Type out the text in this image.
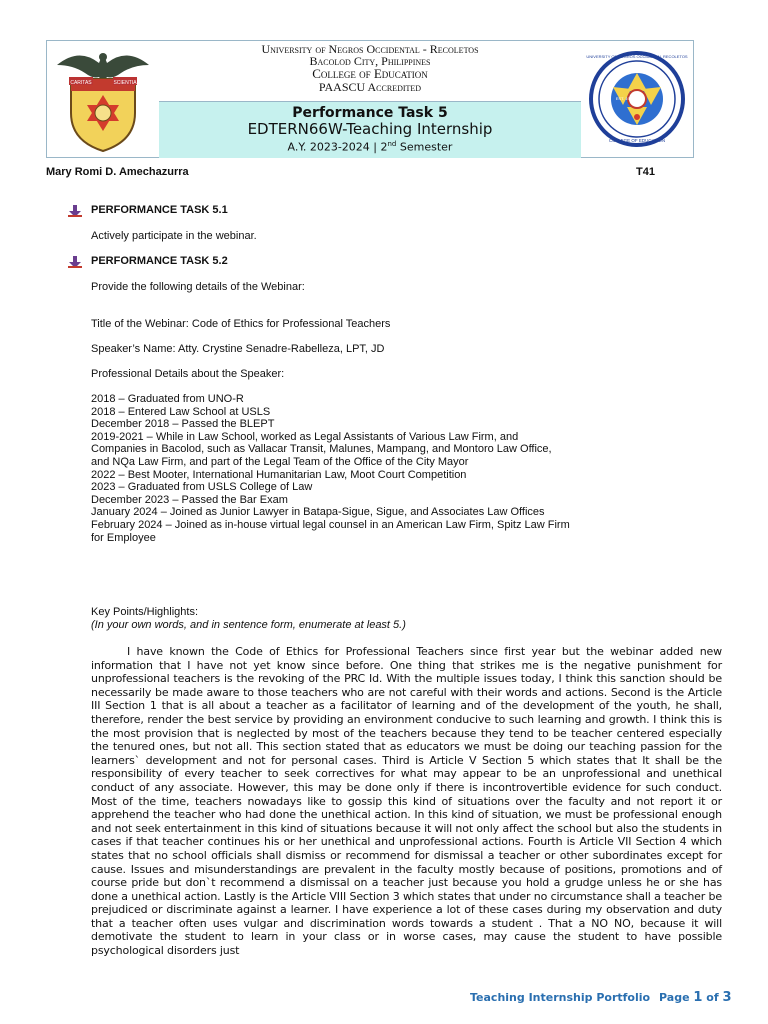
CARITAS	SCIENTIA
University of Negros Occidental - Recoletos
Bacolod City, Philippines
College of Education
PAASCU Accredited
Performance Task 5
EDTERN66W-Teaching Internship
A.Y. 2023-2024 | 2nd Semester
UNIVERSITY OF NEGROS OCCIDENTAL RECOLETOS
COLLEGE OF EDUCATION
EST. 1946
Mary Romi D. Amechazurra	T41
PERFORMANCE TASK 5.1
Actively participate in the webinar.
PERFORMANCE TASK 5.2
Provide the following details of the Webinar:
Title of the Webinar: Code of Ethics for Professional Teachers
Speaker’s Name: Atty. Crystine Senadre-Rabelleza, LPT, JD
Professional Details about the Speaker:
2018 – Graduated from UNO-R
2018 – Entered Law School at USLS
December 2018 – Passed the BLEPT
2019-2021 – While in Law School, worked as Legal Assistants of Various Law Firm, and
Companies in Bacolod, such as Vallacar Transit, Malunes, Mampang, and Montoro Law Office,
and NQa Law Firm, and part of the Legal Team of the Office of the City Mayor
2022 – Best Mooter, International Humanitarian Law, Moot Court Competition
2023 – Graduated from USLS College of Law
December 2023 – Passed the Bar Exam
January 2024 – Joined as Junior Lawyer in Batapa-Sigue, Sigue, and Associates Law Offices
February 2024 – Joined as in-house virtual legal counsel in an American Law Firm, Spitz Law Firm
for Employee
Key Points/Highlights:
(In your own words, and in sentence form, enumerate at least 5.)

I have known the Code of Ethics for Professional Teachers since first year but the webinar added new information that I have not yet know since before. One thing that strikes me is the negative punishment for unprofessional teachers is the revoking of the PRC Id. With the multiple issues today, I think this sanction should be necessarily be made aware to those teachers who are not careful with their words and actions. Second is the Article III Section 1 that is all about a teacher as a facilitator of learning and of the development of the youth, he shall, therefore, render the best service by providing an environment conducive to such learning and growth. I think this is the most provision that is neglected by most of the teachers because they tend to be teacher centered especially the tenured ones, but not all. This section stated that as educators we must be doing our teaching passion for the learners` development and not for personal cases. Third is Article V Section 5 which states that It shall be the responsibility of every teacher to seek correctives for what may appear to be an unprofessional and unethical conduct of any associate. However, this may be done only if there is incontrovertible evidence for such conduct. Most of the time, teachers nowadays like to gossip this kind of situations over the faculty and not report it or apprehend the teacher who had done the unethical action. In this kind of situation, we must be professional enough and not seek entertainment in this kind of situations because it will not only affect the school but also the students in cases if that teacher continues his or her unethical and unprofessional actions. Fourth is Article VII Section 4 which states that no school officials shall dismiss or recommend for dismissal a teacher or other subordinates except for cause. Issues and misunderstandings are prevalent in the faculty mostly because of positions, promotions and of course pride but don`t recommend a dismissal on a teacher just because you hold a grudge unless he or she has done a unethical action. Lastly is the Article VIII Section 3 which states that under no circumstance shall a teacher be prejudiced or discriminate against a learner. I have experience a lot of these cases during my observation and duty that a teacher often uses vulgar and discrimination words towards a student . That a NO NO, because it will demotivate the student to learn in your class or in worse cases, may cause the student to have possible psychological disorders just

Teaching Internship Portfolio Page 1 of 3
